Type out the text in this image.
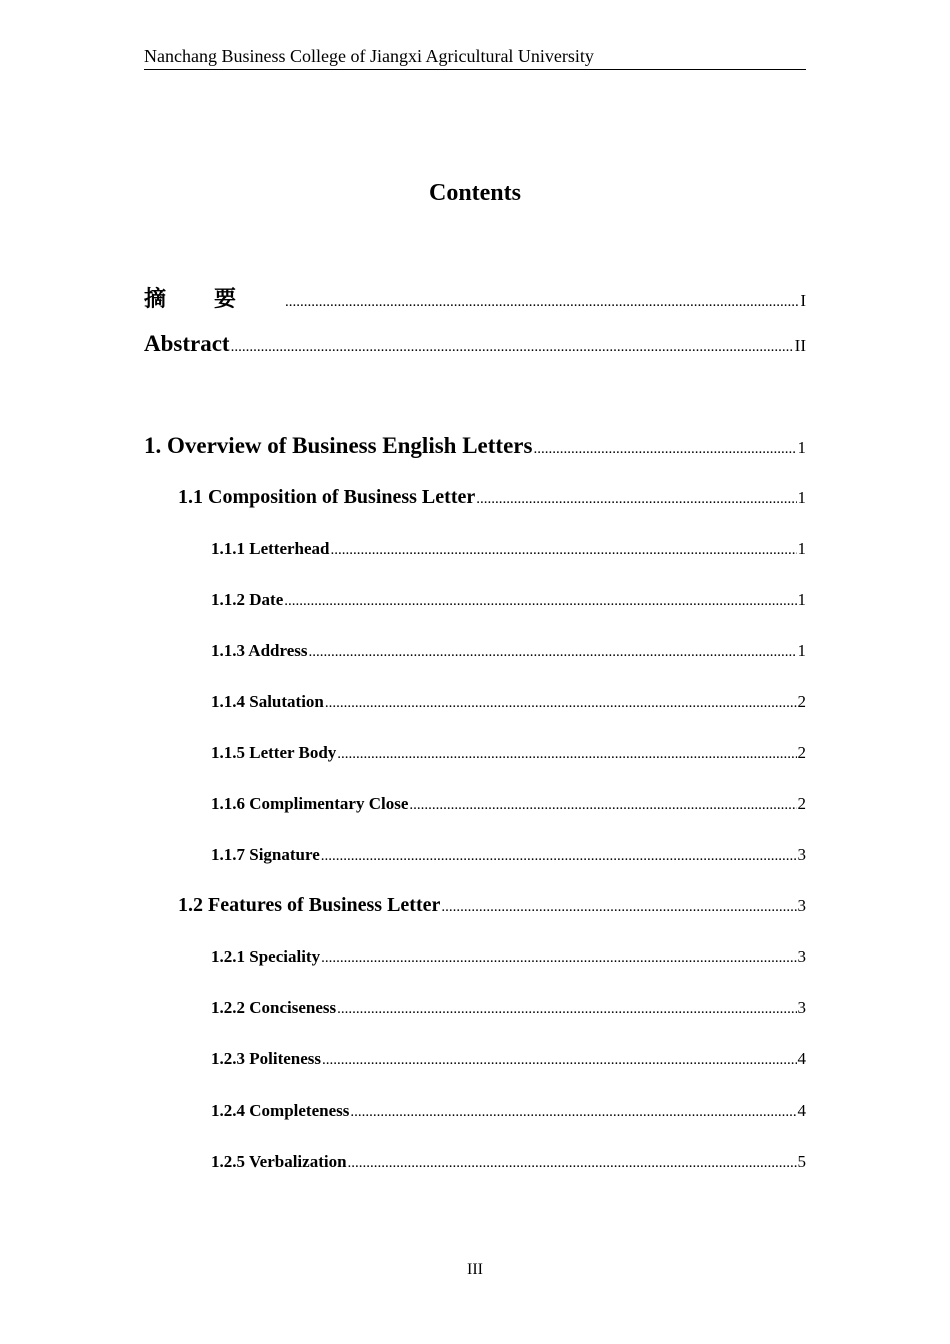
Nanchang Business College of Jiangxi Agricultural University
Contents
摘要 .....	I
Abstract .....	II
1. Overview of Business English Letters .....	1
1.1 Composition of Business Letter .....	1
1.1.1 Letterhead .....	1
1.1.2 Date .....	1
1.1.3 Address .....	1
1.1.4 Salutation .....	2
1.1.5 Letter Body .....	2
1.1.6 Complimentary Close .....	2
1.1.7 Signature .....	3
1.2 Features of Business Letter .....	3
1.2.1 Speciality .....	3
1.2.2 Conciseness .....	3
1.2.3 Politeness .....	4
1.2.4 Completeness .....	4
1.2.5 Verbalization .....	5
III
